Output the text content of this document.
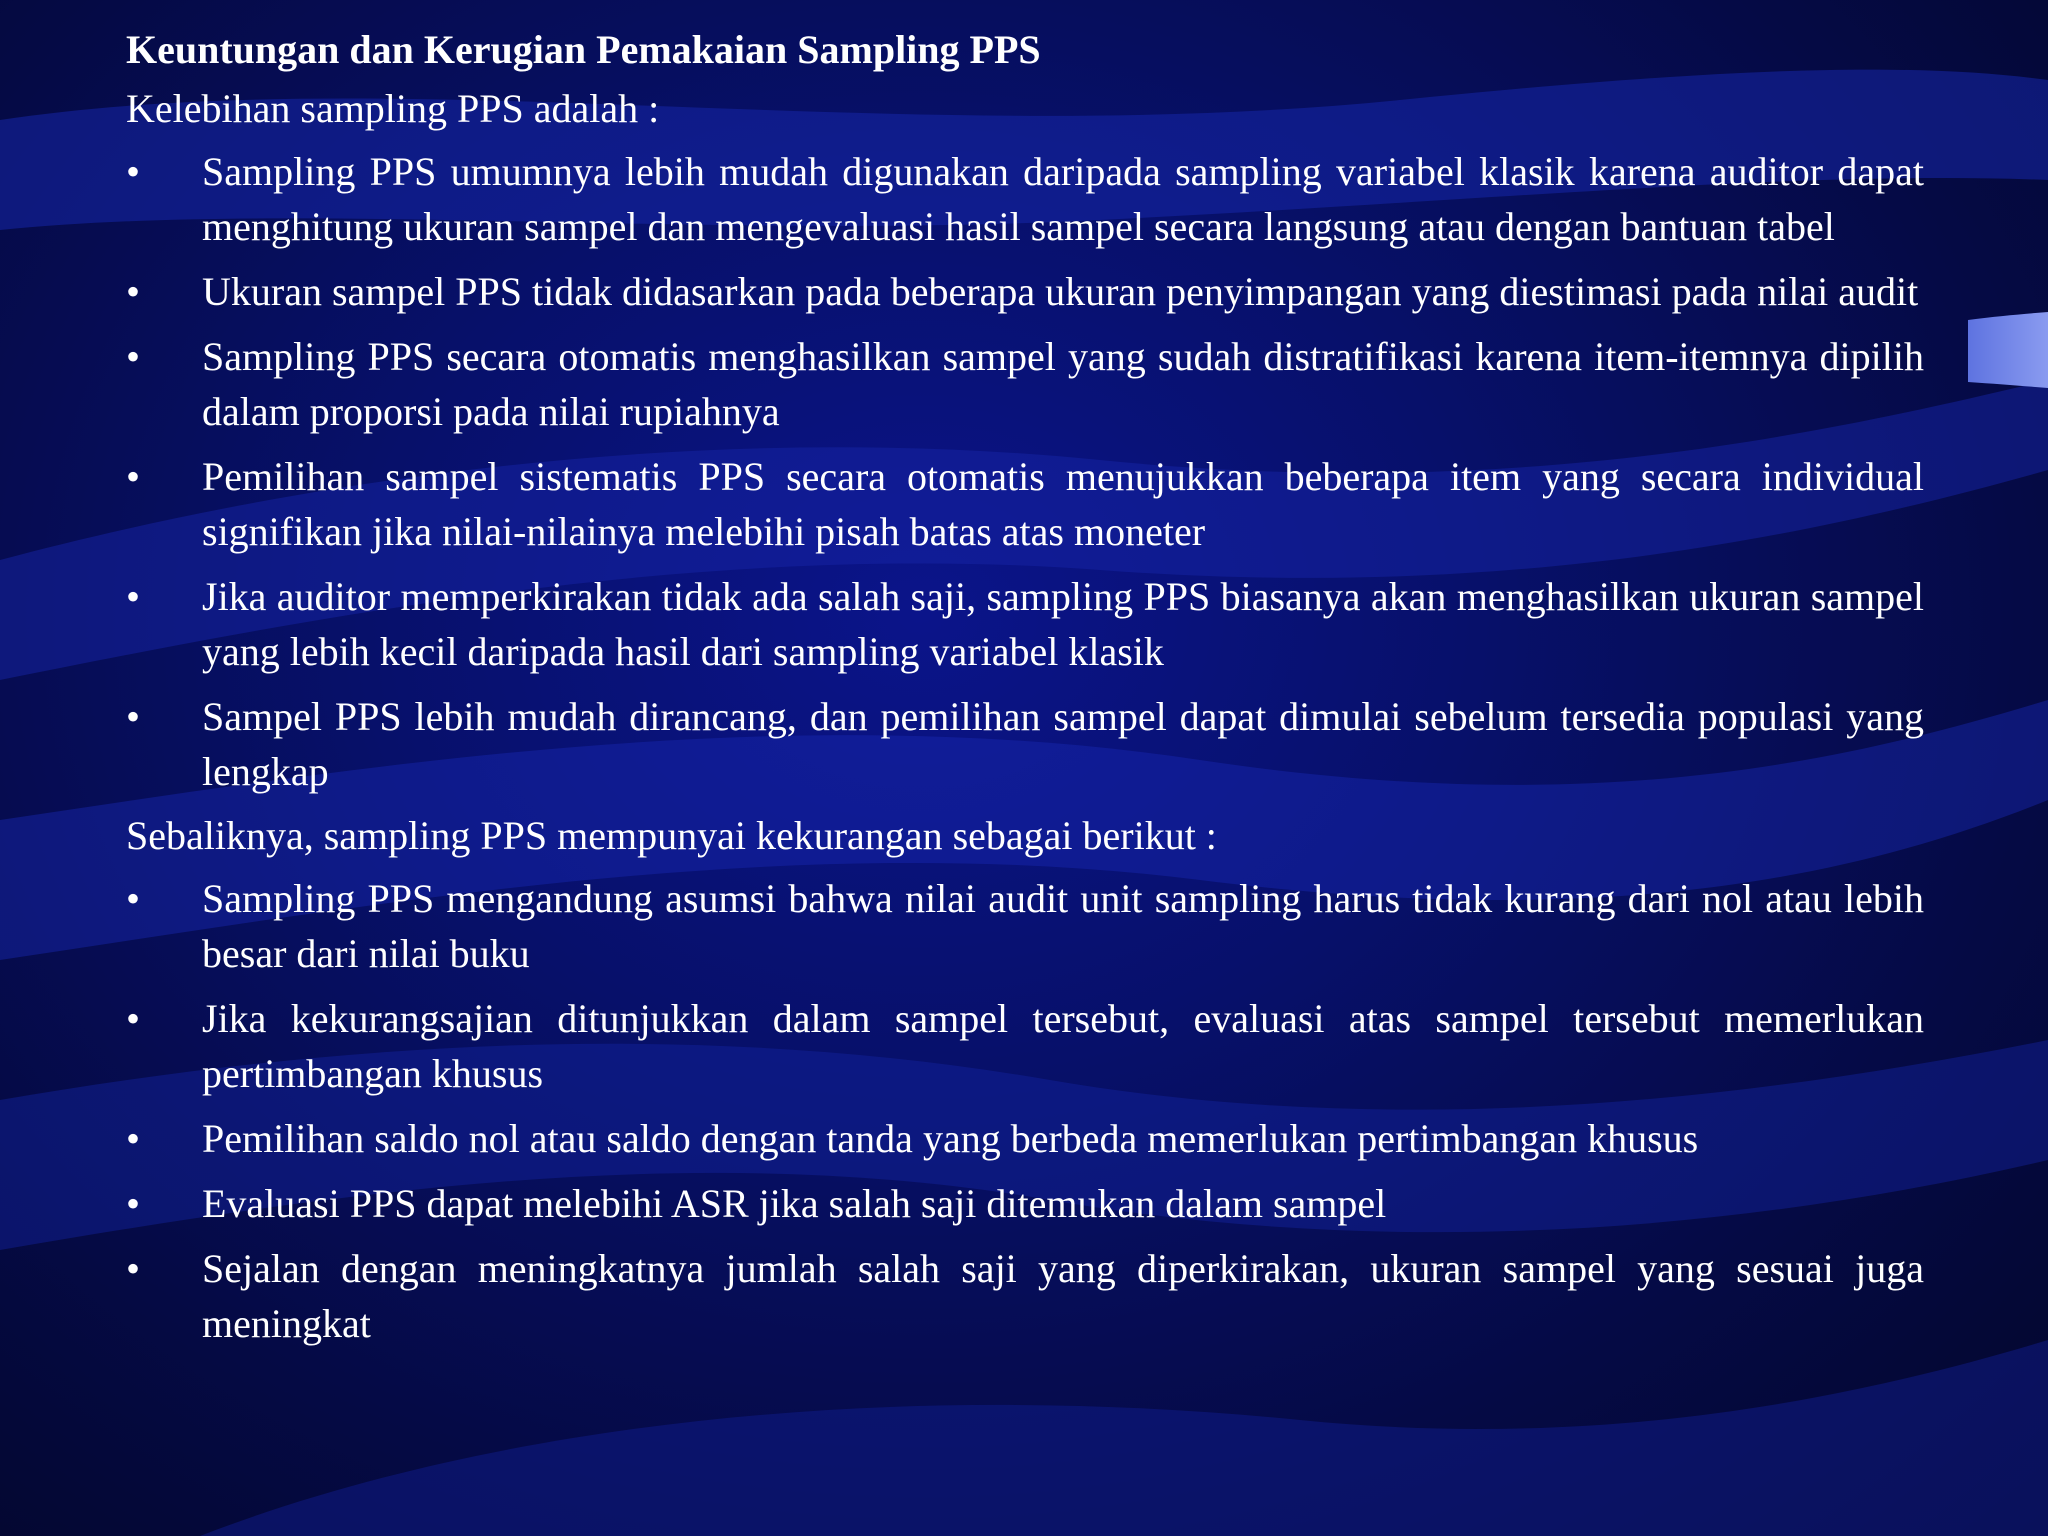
Keuntungan dan Kerugian Pemakaian Sampling PPS
Kelebihan sampling PPS adalah :
• Sampling PPS umumnya lebih mudah digunakan daripada sampling variabel klasik karena auditor dapat menghitung ukuran sampel dan mengevaluasi hasil sampel secara langsung atau dengan bantuan tabel
• Ukuran sampel PPS tidak didasarkan pada beberapa ukuran penyimpangan yang diestimasi pada nilai audit
• Sampling PPS secara otomatis menghasilkan sampel yang sudah distratifikasi karena item-itemnya dipilih dalam proporsi pada nilai rupiahnya
• Pemilihan sampel sistematis PPS secara otomatis menujukkan beberapa item yang secara individual signifikan jika nilai-nilainya melebihi pisah batas atas moneter
• Jika auditor memperkirakan tidak ada salah saji, sampling PPS biasanya akan menghasilkan ukuran sampel yang lebih kecil daripada hasil dari sampling variabel klasik
• Sampel PPS lebih mudah dirancang, dan pemilihan sampel dapat dimulai sebelum tersedia populasi yang lengkap
Sebaliknya, sampling PPS mempunyai kekurangan sebagai berikut :
• Sampling PPS mengandung asumsi bahwa nilai audit unit sampling harus tidak kurang dari nol atau lebih besar dari nilai buku
• Jika kekurangsajian ditunjukkan dalam sampel tersebut, evaluasi atas sampel tersebut memerlukan pertimbangan khusus
• Pemilihan saldo nol atau saldo dengan tanda yang berbeda memerlukan pertimbangan khusus
• Evaluasi PPS dapat melebihi ASR jika salah saji ditemukan dalam sampel
• Sejalan dengan meningkatnya jumlah salah saji yang diperkirakan, ukuran sampel yang sesuai juga meningkat
